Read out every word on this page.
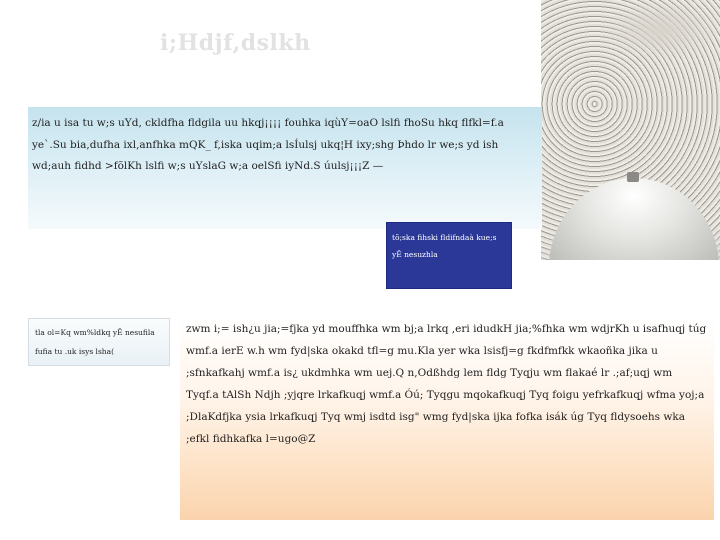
i;Hdjf,dslkh
z/ia u isa tu w;s uYd, ckldfha fldgila uu hkqj¡¡¡¡ fouhka iqùY=oaO lslfi fhoSu hkq flfkl=f.a ye`.Su bia,dufha ixl,anfhka mQK_ f,iska uqim;a lsÍulsj ukq¦H ixy;shg Þhdo lr we;s yd ish wd;auh fidhd >fõlKh lslfi w;s uYslaG w;a oelSfi iyNd.S úulsj¡¡¡Z —
tõ;ska fihski fldifndaà kue;s yÊ nesuzhla
tla ol=Kq wm%ldkq yÊ nesufila fufia tu .uk isys lsha(
zwm i;= ish¿u jia;=fjka yd mouffhka wm bj;a lrkq ,eri idudkH jia;%fhka wm wdjrKh u isafhuqj túg wmf.a ierE w.h wm fyd|ska okakd tfl=g mu.Kla yer wka lsisfj=g fkdfmfkk wkaoñka jika u ;sfnkafkahj wmf.a is¿ ukdmhka wm uej.Q n,Odßhdg lem fldg Tyqju wm flakaé lr .;af;uqj wm Tyqf.a tAlSh Ndjh ;yjqre lrkafkuqj wmf.a Óú; Tyqgu mqokafkuqj Tyq foigu yefrkafkuqj wfma yoj;a ;DlaKdfjka ysia lrkafkuqj Tyq wmj isdtd isg" wmg fyd|ska ijka fofka isák úg Tyq fldysoehs wka ;efkl fidhkafka l=ugo@Z
